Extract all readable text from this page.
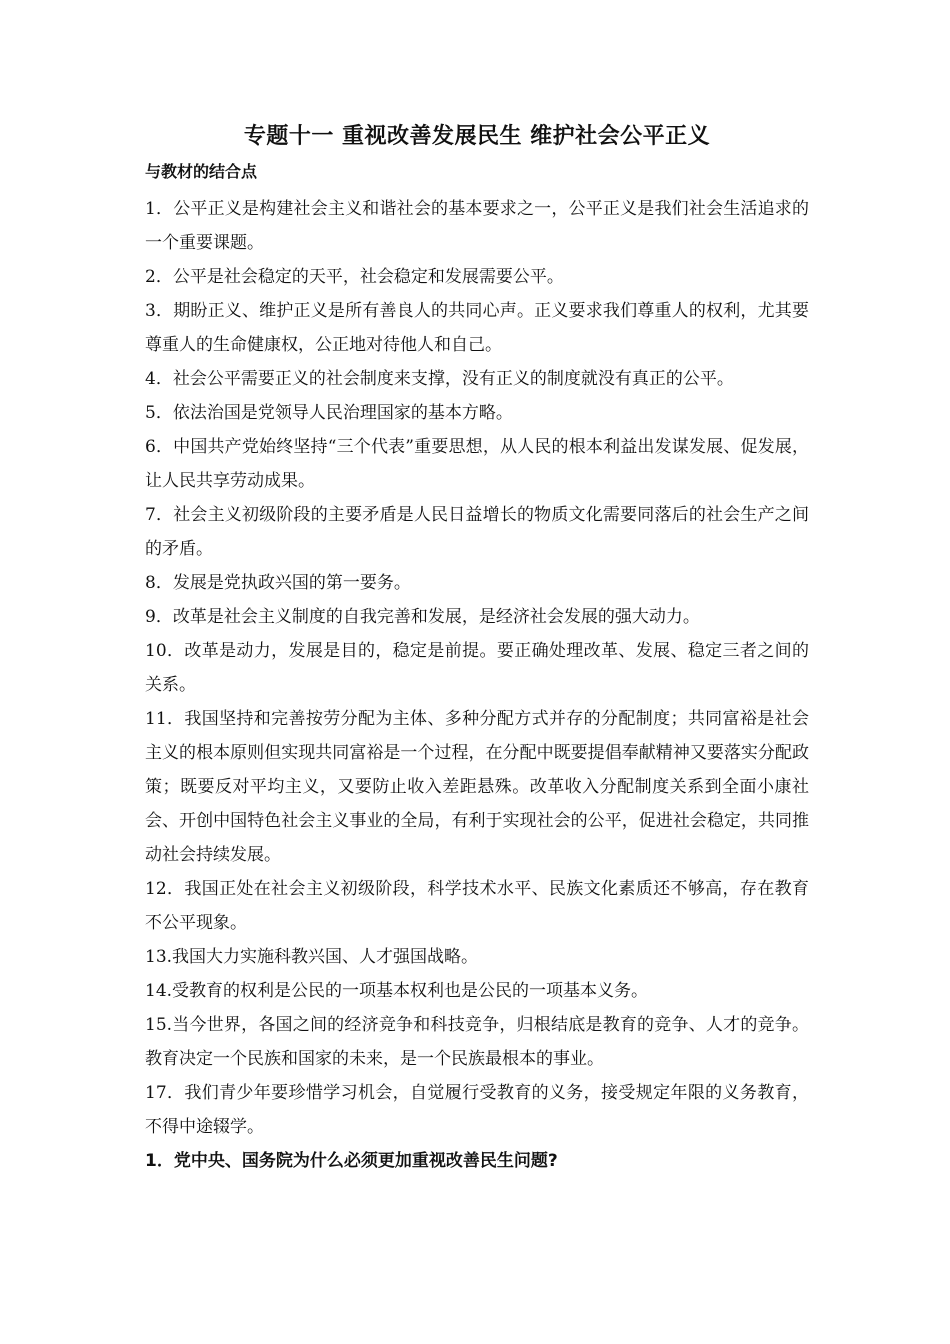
专题十一 重视改善发展民生 维护社会公平正义
与教材的结合点

1．公平正义是构建社会主义和谐社会的基本要求之一，公平正义是我们社会生活追求的一个重要课题。

2．公平是社会稳定的天平，社会稳定和发展需要公平。

3．期盼正义、维护正义是所有善良人的共同心声。正义要求我们尊重人的权利，尤其要尊重人的生命健康权，公正地对待他人和自己。

4．社会公平需要正义的社会制度来支撑，没有正义的制度就没有真正的公平。

5．依法治国是党领导人民治理国家的基本方略。

6．中国共产党始终坚持“三个代表”重要思想，从人民的根本利益出发谋发展、促发展，让人民共享劳动成果。

7．社会主义初级阶段的主要矛盾是人民日益增长的物质文化需要同落后的社会生产之间的矛盾。

8．发展是党执政兴国的第一要务。

9．改革是社会主义制度的自我完善和发展，是经济社会发展的强大动力。

10．改革是动力，发展是目的，稳定是前提。要正确处理改革、发展、稳定三者之间的关系。

11．我国坚持和完善按劳分配为主体、多种分配方式并存的分配制度；共同富裕是社会主义的根本原则但实现共同富裕是一个过程，在分配中既要提倡奉献精神又要落实分配政策；既要反对平均主义，又要防止收入差距悬殊。改革收入分配制度关系到全面小康社会、开创中国特色社会主义事业的全局，有利于实现社会的公平，促进社会稳定，共同推动社会持续发展。

12．我国正处在社会主义初级阶段，科学技术水平、民族文化素质还不够高，存在教育不公平现象。

13.我国大力实施科教兴国、人才强国战略。

14.受教育的权利是公民的一项基本权利也是公民的一项基本义务。

15.当今世界，各国之间的经济竞争和科技竞争，归根结底是教育的竞争、人才的竞争。教育决定一个民族和国家的未来，是一个民族最根本的事业。

17．我们青少年要珍惜学习机会，自觉履行受教育的义务，接受规定年限的义务教育，不得中途辍学。

1．党中央、国务院为什么必须更加重视改善民生问题?
